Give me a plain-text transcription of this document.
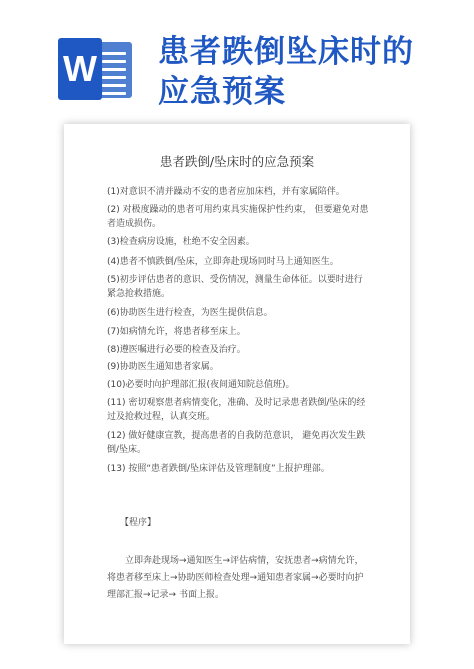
W 患者跌倒坠床时的
应急预案
患者跌倒/坠床时的应急预案
(1)对意识不清并躁动不安的患者应加床档，并有家属陪伴。
(2) 对极度躁动的患者可用约束具实施保护性约束， 但要避免对患者造成损伤。
(3)检查病房设施，杜绝不安全因素。
(4)患者不慎跌倒/坠床，立即奔赴现场同时马上通知医生。
(5)初步评估患者的意识、受伤情况，测量生命体征。以要时进行紧急抢救措施。
(6)协助医生进行检查，为医生提供信息。
(7)如病情允许，将患者移至床上。
(8)遵医嘱进行必要的检查及治疗。
(9)协助医生通知患者家属。
(10)必要时向护理部汇报(夜间通知院总值班)。
(11) 密切观察患者病情变化，准确、及时记录患者跌倒/坠床的经过及抢救过程，认真交班。
(12) 做好健康宣教，提高患者的自我防范意识， 避免再次发生跌倒/坠床。
(13) 按照“患者跌倒/坠床评估及管理制度”上报护理部。
【程序】
立即奔赴现场→通知医生→评估病情，安抚患者→病情允许，将患者移至床上→协助医师检查处理→通知患者家属→必要时向护理部汇报→记录→ 书面上报。
